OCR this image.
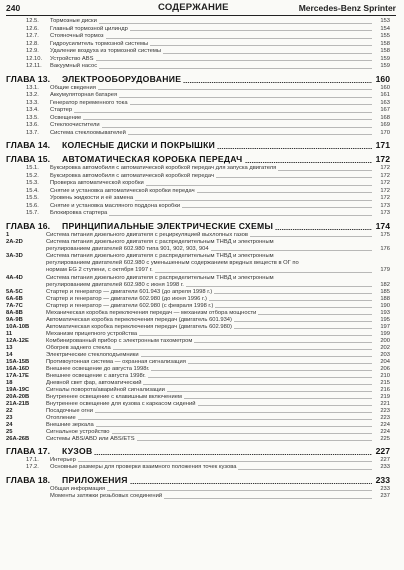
240	СОДЕРЖАНИЕ	Mercedes-Benz Sprinter
12.5.	Тормозные диски	153
12.6.	Главный тормозной цилиндр	154
12.7.	Стояночный тормоз	155
12.8.	Гидроусилитель тормозной системы	158
12.9.	Удаление воздуха из тормозной системы	158
12.10.	Устройство ABS	159
12.11.	Вакуумный насос	159
ГЛАВА 13.	ЭЛЕКТРООБОРУДОВАНИЕ	160
13.1.	Общие сведения	160
13.2.	Аккумуляторная батарея	161
13.3.	Генератор переменного тока	163
13.4.	Стартер	167
13.5.	Освещение	168
13.6.	Стеклоочистители	169
13.7.	Система стеклоомывателей	170
ГЛАВА 14.	КОЛЕСНЫЕ ДИСКИ И ПОКРЫШКИ	171
ГЛАВА 15.	АВТОМАТИЧЕСКАЯ КОРОБКА ПЕРЕДАЧ	172
15.1.	Буксировка автомобиля с автоматической коробкой передач для запуска двигателя	172
15.2.	Буксировка автомобиля с автоматической коробкой передач	172
15.3.	Проверка автоматической коробки	172
15.4.	Снятие и установка автоматической коробки передач	172
15.5.	Уровень жидкости и её замена	172
15.6.	Снятие и установка масляного поддона коробки	173
15.7.	Блокировка стартера	173
ГЛАВА 16.	ПРИНЦИПИАЛЬНЫЕ ЭЛЕКТРИЧЕСКИЕ СХЕМЫ	174
1	Система питания дизельного двигателя с рециркуляцией выхлопных газов	175
2A-2D	Система питания дизельного двигателя с распределительным ТНВД и электронным
регулированием двигателей 602.980 типа 901, 902, 903, 904	176
3A-3D	Система питания дизельного двигателя с распределительным ТНВД и электронным
регулированием двигателей 602.980 с уменьшенным содержанием вредных веществ в ОГ по
нормам EG 2 ступени, с октября 1997 г.	179
4A-4D	Система питания дизельного двигателя с распределительным ТНВД и электронным
регулированием двигателей 602.980 с июня 1998 г.	182
5A-5C	Стартер и генератор — двигатели 601.943 (до апреля 1998 г.)	185
6A-6B	Стартер и генератор — двигатели 602.980 (до июня 1996 г.)	188
7A-7C	Стартер и генератор — двигатели 602.980 (с февраля 1998 г.)	190
8A-8B	Механическая коробка переключения передач — механизм отбора мощности	193
9A-9B	Автоматическая коробка переключения передач (двигатель 601.934)	195
10A-10B	Автоматическая коробка переключения передач (двигатель 602.980)	197
11	Механизм прицепного устройства	199
12A-12E	Комбинированный прибор с электронным тахометром	200
13	Обогрев заднего стекла	202
14	Электрические стеклоподъемники	203
15A-15B	Противоугонная система — охранная сигнализация	204
16A-16D	Внешнее освещение до августа 1998г.	206
17A-17E	Внешнее освещение с августа 1998г.	210
18	Дневной свет фар, автоматический	215
19A-19C	Сигналы поворота/аварийной сигнализации	216
20A-20B	Внутреннее освещение с клавишным включением	219
21A-21B	Внутреннее освещение для кузова с каркасом сидений	221
22	Посадочные огни	223
23	Отопление	223
24	Внешние зеркала	224
25	Сигнальное устройство	224
26A-26B	Системы ABS/ABD или ABS/ETS	225
ГЛАВА 17.	КУЗОВ	227
17.1.	Интерьер	227
17.2.	Основные размеры для проверки взаимного положения точек кузова	233
ГЛАВА 18.	ПРИЛОЖЕНИЯ	233
Общая информация	233
Моменты затяжки резьбовых соединений	237
